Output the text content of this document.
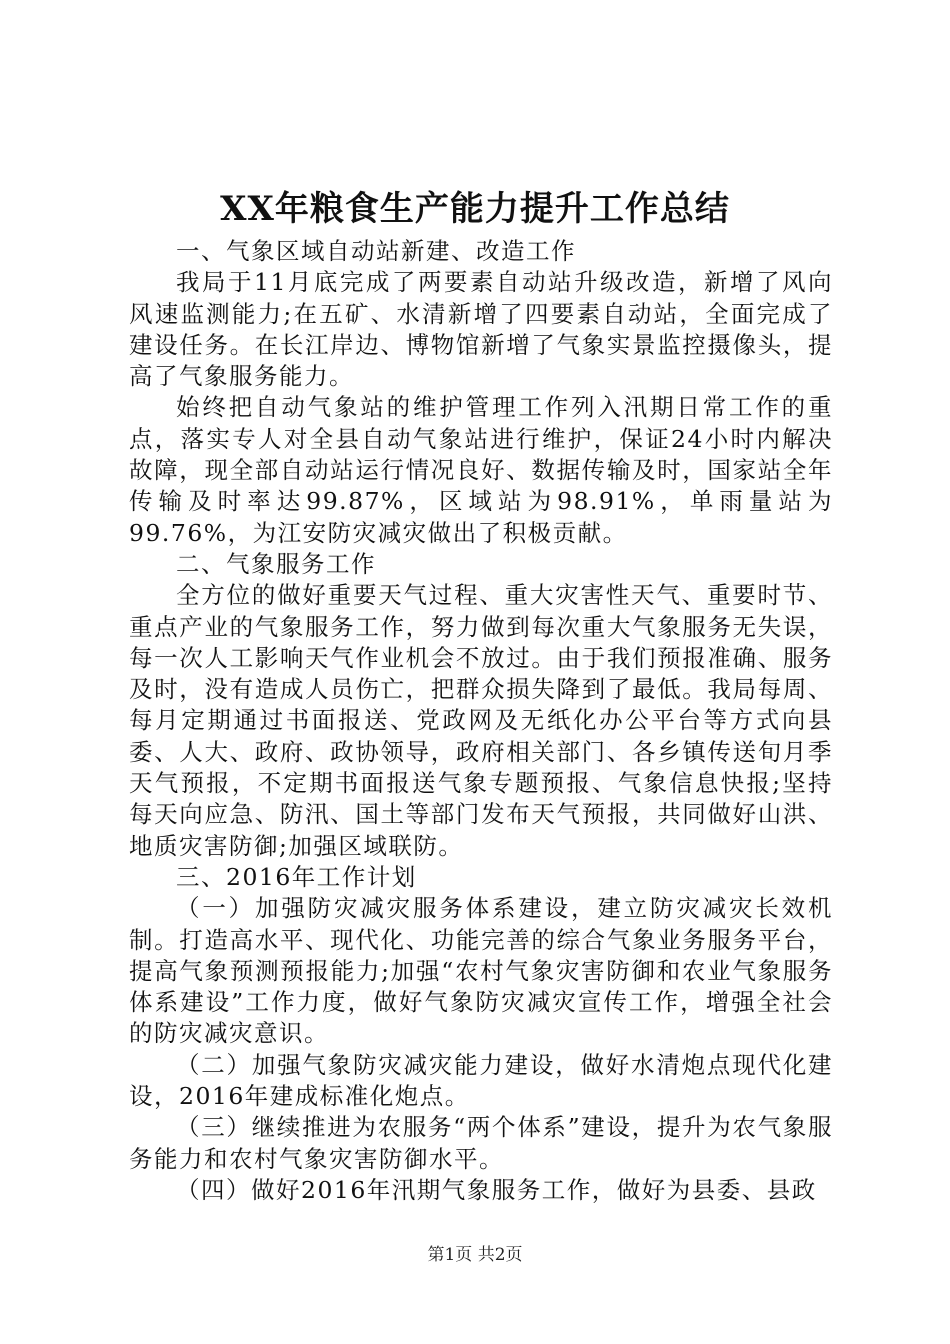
XX年粮食生产能力提升工作总结

一、气象区域自动站新建、改造工作

我局于11月底完成了两要素自动站升级改造，新增了风向风速监测能力;在五矿、水清新增了四要素自动站，全面完成了建设任务。在长江岸边、博物馆新增了气象实景监控摄像头，提高了气象服务能力。

始终把自动气象站的维护管理工作列入汛期日常工作的重点，落实专人对全县自动气象站进行维护，保证24小时内解决故障，现全部自动站运行情况良好、数据传输及时，国家站全年传输及时率达99.87%，区域站为98.91%，单雨量站为99.76%，为江安防灾减灾做出了积极贡献。

二、气象服务工作

全方位的做好重要天气过程、重大灾害性天气、重要时节、重点产业的气象服务工作，努力做到每次重大气象服务无失误，每一次人工影响天气作业机会不放过。由于我们预报准确、服务及时，没有造成人员伤亡，把群众损失降到了最低。我局每周、每月定期通过书面报送、党政网及无纸化办公平台等方式向县委、人大、政府、政协领导，政府相关部门、各乡镇传送旬月季天气预报，不定期书面报送气象专题预报、气象信息快报;坚持每天向应急、防汛、国土等部门发布天气预报，共同做好山洪、地质灾害防御;加强区域联防。

三、2016年工作计划

（一）加强防灾减灾服务体系建设，建立防灾减灾长效机制。打造高水平、现代化、功能完善的综合气象业务服务平台，提高气象预测预报能力;加强“农村气象灾害防御和农业气象服务体系建设”工作力度，做好气象防灾减灾宣传工作，增强全社会的防灾减灾意识。

（二）加强气象防灾减灾能力建设，做好水清炮点现代化建设，2016年建成标准化炮点。

（三）继续推进为农服务“两个体系”建设，提升为农气象服务能力和农村气象灾害防御水平。

（四）做好2016年汛期气象服务工作，做好为县委、县政

第1页 共2页
